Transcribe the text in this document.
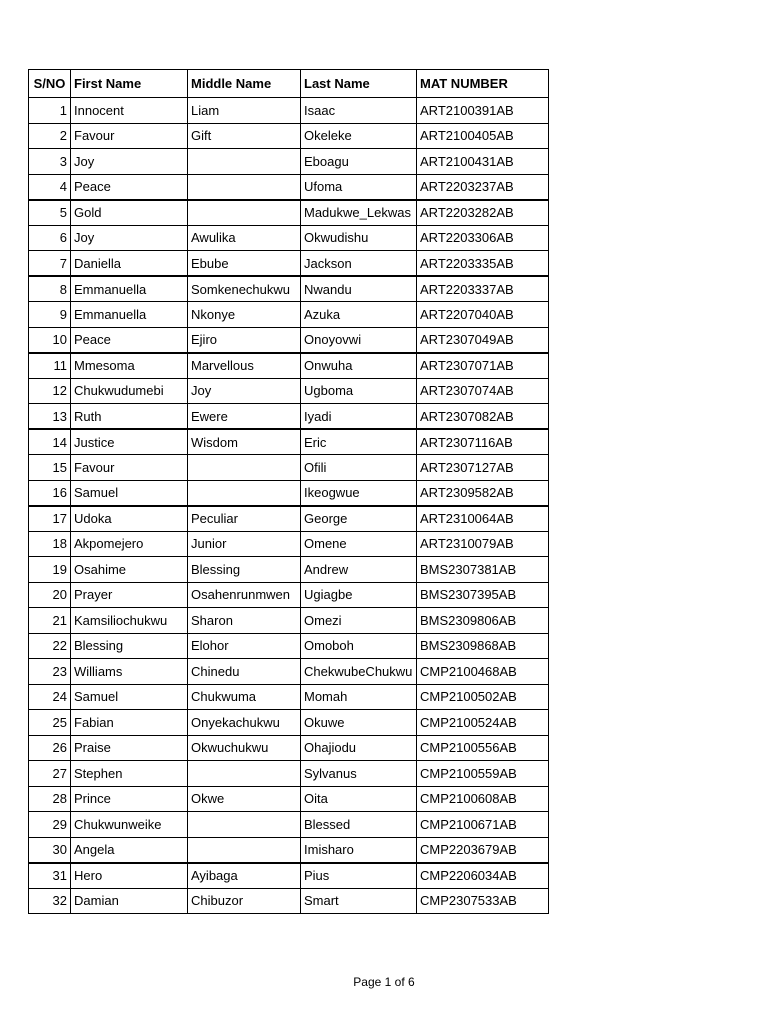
S/NO	First Name	Middle Name	Last Name	MAT NUMBER
1	Innocent	Liam	Isaac	ART2100391AB
2	Favour	Gift	Okeleke	ART2100405AB
3	Joy		Eboagu	ART2100431AB
4	Peace		Ufoma	ART2203237AB
5	Gold		Madukwe_Lekwas	ART2203282AB
6	Joy	Awulika	Okwudishu	ART2203306AB
7	Daniella	Ebube	Jackson	ART2203335AB
8	Emmanuella	Somkenechukwu	Nwandu	ART2203337AB
9	Emmanuella	Nkonye	Azuka	ART2207040AB
10	Peace	Ejiro	Onoyovwi	ART2307049AB
11	Mmesoma	Marvellous	Onwuha	ART2307071AB
12	Chukwudumebi	Joy	Ugboma	ART2307074AB
13	Ruth	Ewere	Iyadi	ART2307082AB
14	Justice	Wisdom	Eric	ART2307116AB
15	Favour		Ofili	ART2307127AB
16	Samuel		Ikeogwue	ART2309582AB
17	Udoka	Peculiar	George	ART2310064AB
18	Akpomejero	Junior	Omene	ART2310079AB
19	Osahime	Blessing	Andrew	BMS2307381AB
20	Prayer	Osahenrunmwen	Ugiagbe	BMS2307395AB
21	Kamsiliochukwu	Sharon	Omezi	BMS2309806AB
22	Blessing	Elohor	Omoboh	BMS2309868AB
23	Williams	Chinedu	ChekwubeChukwu	CMP2100468AB
24	Samuel	Chukwuma	Momah	CMP2100502AB
25	Fabian	Onyekachukwu	Okuwe	CMP2100524AB
26	Praise	Okwuchukwu	Ohajiodu	CMP2100556AB
27	Stephen		Sylvanus	CMP2100559AB
28	Prince	Okwe	Oita	CMP2100608AB
29	Chukwunweike		Blessed	CMP2100671AB
30	Angela		Imisharo	CMP2203679AB
31	Hero	Ayibaga	Pius	CMP2206034AB
32	Damian	Chibuzor	Smart	CMP2307533AB
Page 1 of 6
